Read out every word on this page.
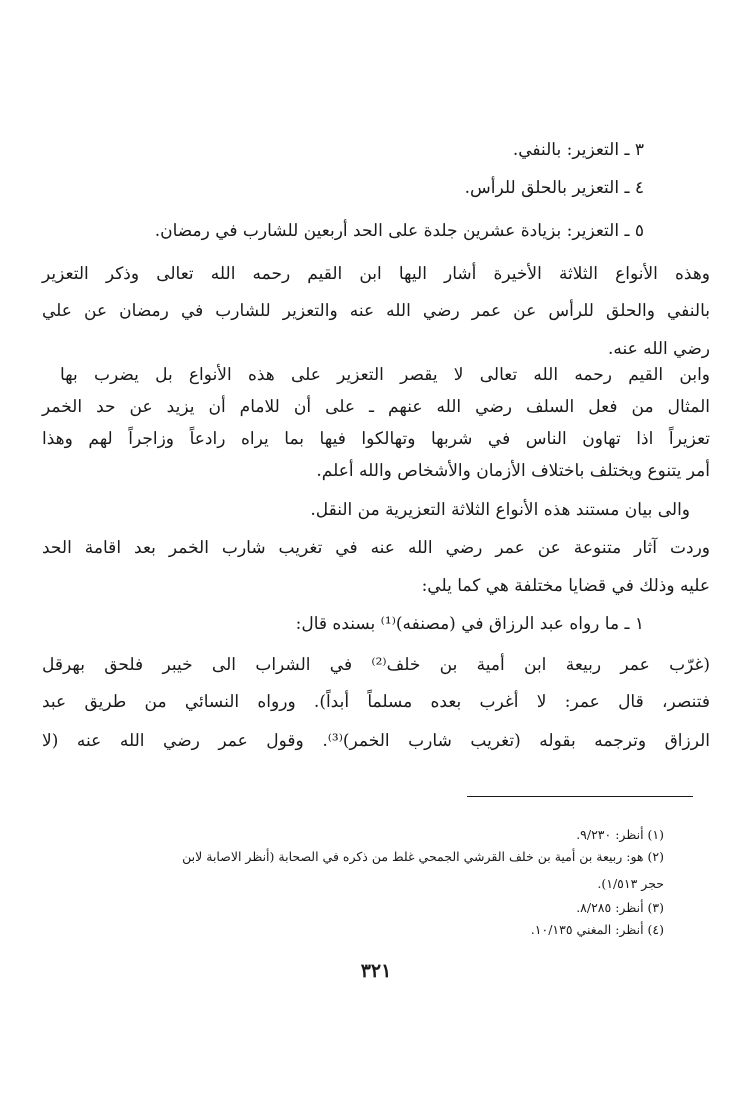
٣ ـ التعزير: بالنفي.
٤ ـ التعزير بالحلق للرأس.
٥ ـ التعزير: بزيادة عشرين جلدة على الحد أربعين للشارب في رمضان.
وهذه الأنواع الثلاثة الأخيرة أشار اليها ابن القيم رحمه الله تعالى وذكر التعزير
بالنفي والحلق للرأس عن عمر رضي الله عنه والتعزير للشارب في رمضان عن علي
رضي الله عنه.
وابن القيم رحمه الله تعالى لا يقصر التعزير على هذه الأنواع بل يضرب بها
المثال من فعل السلف رضي الله عنهم ـ على أن للامام أن يزيد عن حد الخمر
تعزيراً اذا تهاون الناس في شربها وتهالكوا فيها بما يراه رادعاً وزاجراً لهم وهذا
أمر يتنوع ويختلف باختلاف الأزمان والأشخاص والله أعلم.
والى بيان مستند هذه الأنواع الثلاثة التعزيرية من النقل.
وردت آثار متنوعة عن عمر رضي الله عنه في تغريب شارب الخمر بعد اقامة الحد
عليه وذلك في قضايا مختلفة هي كما يلي:
١ ـ ما رواه عبد الرزاق في (مصنفه)⁽¹⁾ بسنده قال:
(غرّب عمر ربيعة ابن أمية بن خلف⁽²⁾ في الشراب الى خيبر فلحق بهرقل
فتنصر، قال عمر: لا أغرب بعده مسلماً أبداً). ورواه النسائي من طريق عبد
الرزاق وترجمه بقوله (تغريب شارب الخمر)⁽³⁾. وقول عمر رضي الله عنه (لا
(١) أنظر: ٩/٢٣٠.
(٢) هو: ربيعة بن أمية بن خلف القرشي الجمحي غلط من ذكره في الصحابة (أنظر الاصابة لابن
حجر ١/٥١٣).
(٣) أنظر: ٨/٢٨٥.
(٤) أنظر: المغني ١٠/١٣٥.
٣٢١
